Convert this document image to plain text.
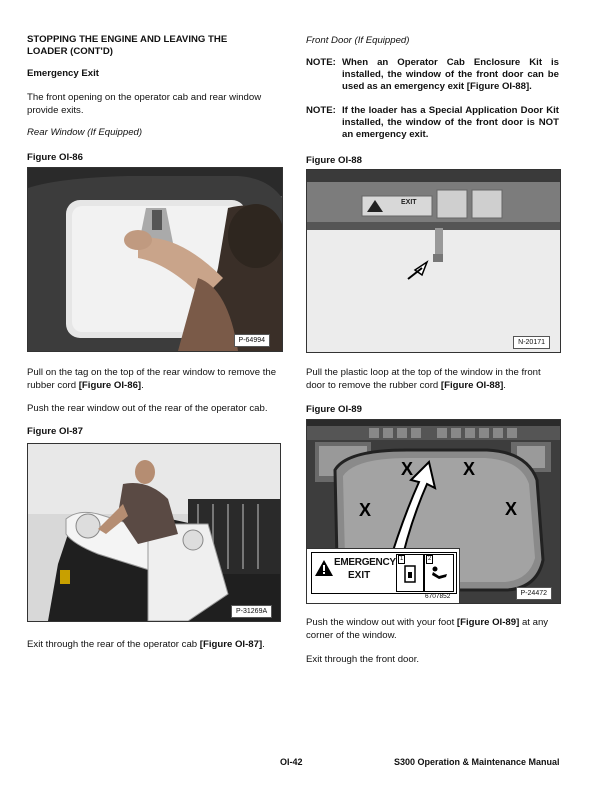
STOPPING THE ENGINE AND LEAVING THE LOADER (CONT'D)
Emergency Exit
The front opening on the operator cab and rear window provide exits.
Rear Window (If Equipped)
Figure OI-86
P-64994
Pull on the tag on the top of the rear window to remove the rubber cord [Figure OI-86].
Push the rear window out of the rear of the operator cab.
Figure OI-87
P-31269A
Exit through the rear of the operator cab [Figure OI-87].
Front Door (If Equipped)
NOTE: When an Operator Cab Enclosure Kit is installed, the window of the front door can be used as an emergency exit [Figure OI-88].
NOTE: If the loader has a Special Application Door Kit installed, the window of the front door is NOT an emergency exit.
Figure OI-88
EXIT
N-20171
Pull the plastic loop at the top of the window in the front door to remove the rubber cord [Figure OI-88].
Figure OI-89
X	X
X	X
EMERGENCY
EXIT
1	2
6707852	P-24472
Push the window out with your foot [Figure OI-89] at any corner of the window.
Exit through the front door.
OI-42	S300 Operation & Maintenance Manual
